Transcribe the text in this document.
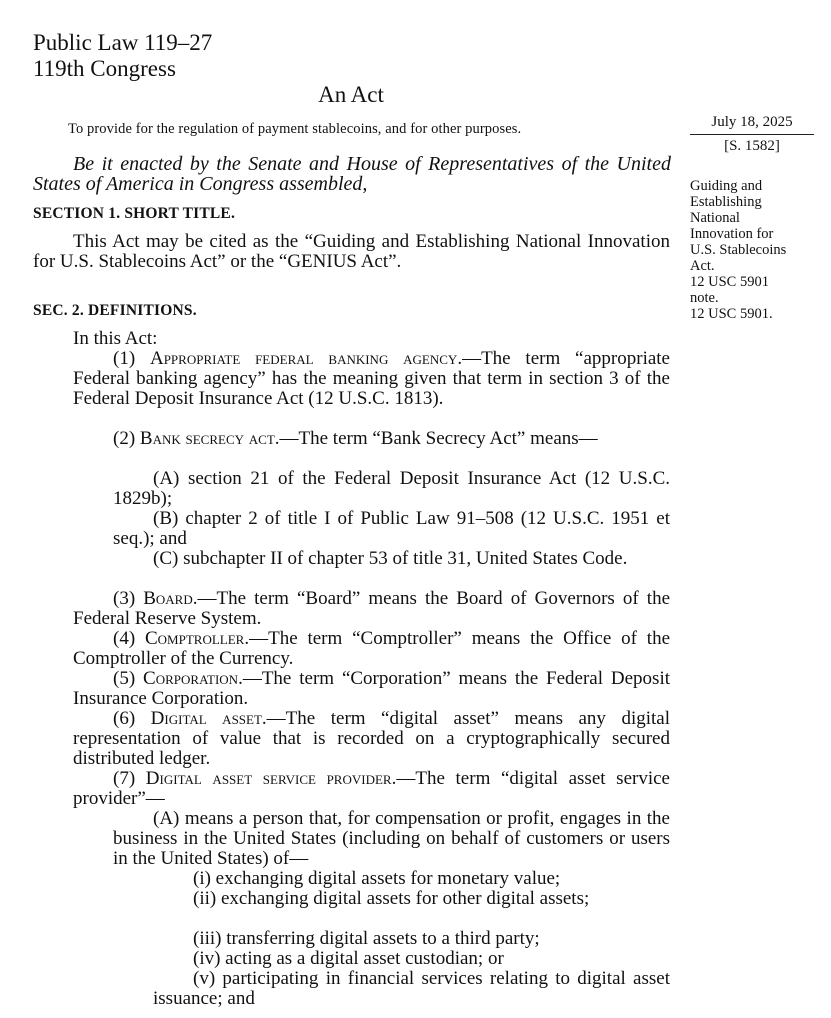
Public Law 119–27
119th Congress
An Act
To provide for the regulation of payment stablecoins, and for other purposes.	July 18, 2025
[S. 1582]
Be it enacted by the Senate and House of Representatives of the United States of America in Congress assembled,	Guiding and
Establishing
National
Innovation for
U.S. Stablecoins
Act.
12 USC 5901
note.
12 USC 5901.
SECTION 1. SHORT TITLE.
This Act may be cited as the “Guiding and Establishing National Innovation for U.S. Stablecoins Act” or the “GENIUS Act”.
SEC. 2. DEFINITIONS.
In this Act:
(1) Appropriate federal banking agency.—The term “appropriate Federal banking agency” has the meaning given that term in section 3 of the Federal Deposit Insurance Act (12 U.S.C. 1813).
(2) Bank secrecy act.—The term “Bank Secrecy Act” means—
(A) section 21 of the Federal Deposit Insurance Act (12 U.S.C. 1829b);
(B) chapter 2 of title I of Public Law 91–508 (12 U.S.C. 1951 et seq.); and
(C) subchapter II of chapter 53 of title 31, United States Code.
(3) Board.—The term “Board” means the Board of Governors of the Federal Reserve System.
(4) Comptroller.—The term “Comptroller” means the Office of the Comptroller of the Currency.
(5) Corporation.—The term “Corporation” means the Federal Deposit Insurance Corporation.
(6) Digital asset.—The term “digital asset” means any digital representation of value that is recorded on a cryptographically secured distributed ledger.
(7) Digital asset service provider.—The term “digital asset service provider”—
(A) means a person that, for compensation or profit, engages in the business in the United States (including on behalf of customers or users in the United States) of—
(i) exchanging digital assets for monetary value;
(ii) exchanging digital assets for other digital assets;
(iii) transferring digital assets to a third party;
(iv) acting as a digital asset custodian; or
(v) participating in financial services relating to digital asset issuance; and
